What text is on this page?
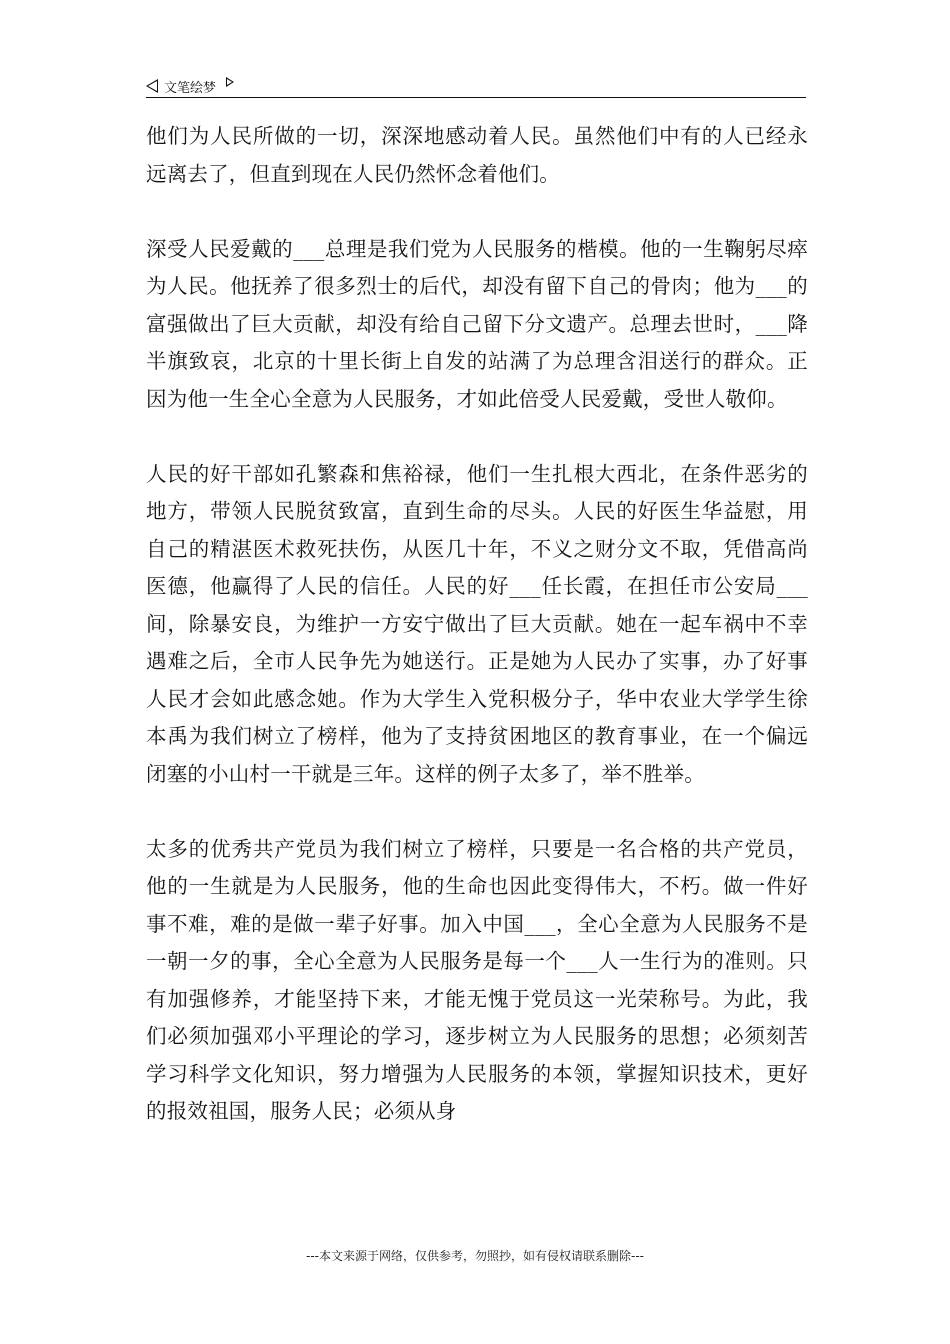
文笔绘梦

他们为人民所做的一切，深深地感动着人民。虽然他们中有的人已经永远离去了，但直到现在人民仍然怀念着他们。

深受人民爱戴的___总理是我们党为人民服务的楷模。他的一生鞠躬尽瘁为人民。他抚养了很多烈士的后代，却没有留下自己的骨肉；他为___的富强做出了巨大贡献，却没有给自己留下分文遗产。总理去世时，___降半旗致哀，北京的十里长街上自发的站满了为总理含泪送行的群众。正因为他一生全心全意为人民服务，才如此倍受人民爱戴，受世人敬仰。

人民的好干部如孔繁森和焦裕禄，他们一生扎根大西北，在条件恶劣的地方，带领人民脱贫致富，直到生命的尽头。人民的好医生华益慰，用自己的精湛医术救死扶伤，从医几十年，不义之财分文不取，凭借高尚医德，他赢得了人民的信任。人民的好___任长霞，在担任市公安局___间，除暴安良，为维护一方安宁做出了巨大贡献。她在一起车祸中不幸遇难之后，全市人民争先为她送行。正是她为人民办了实事，办了好事人民才会如此感念她。作为大学生入党积极分子，华中农业大学学生徐本禹为我们树立了榜样，他为了支持贫困地区的教育事业，在一个偏远闭塞的小山村一干就是三年。这样的例子太多了，举不胜举。

太多的优秀共产党员为我们树立了榜样，只要是一名合格的共产党员，他的一生就是为人民服务，他的生命也因此变得伟大，不朽。做一件好事不难，难的是做一辈子好事。加入中国___，全心全意为人民服务不是一朝一夕的事，全心全意为人民服务是每一个___人一生行为的准则。只有加强修养，才能坚持下来，才能无愧于党员这一光荣称号。为此，我们必须加强邓小平理论的学习，逐步树立为人民服务的思想；必须刻苦学习科学文化知识，努力增强为人民服务的本领，掌握知识技术，更好的报效祖国，服务人民；必须从身

---本文来源于网络，仅供参考，勿照抄，如有侵权请联系删除---
